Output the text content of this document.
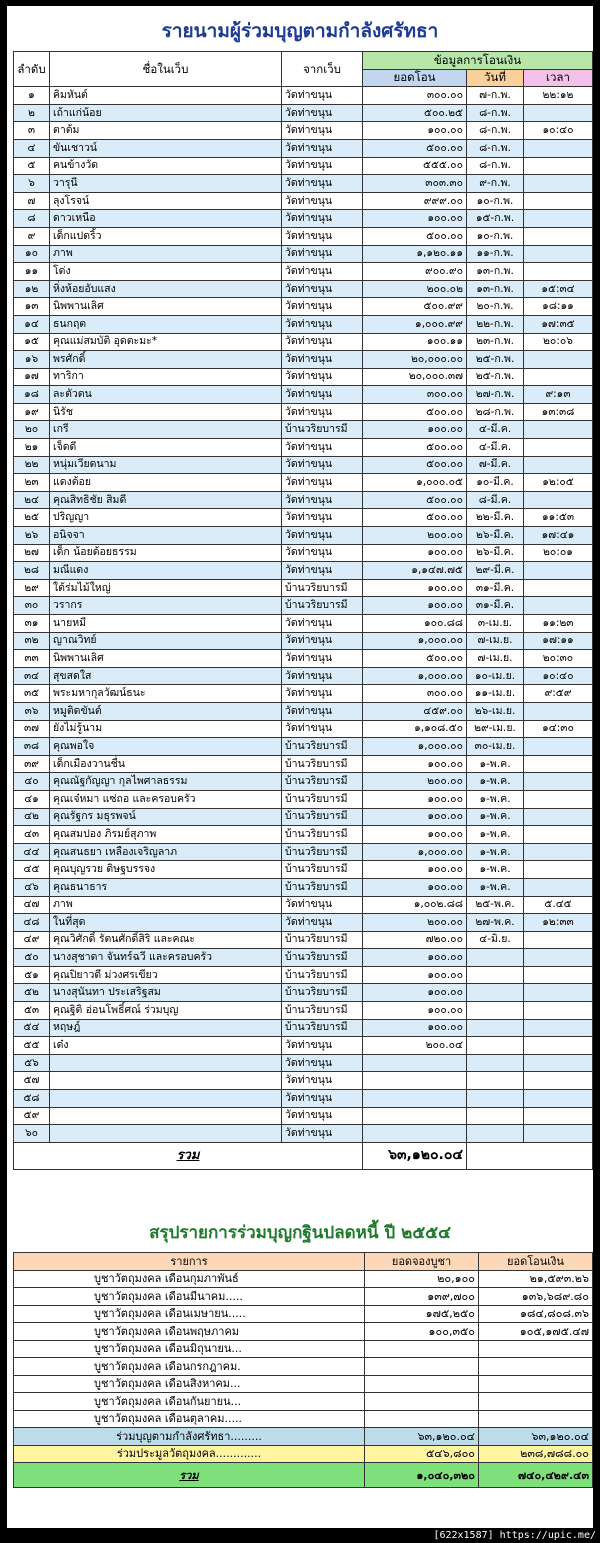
รายนามผู้ร่วมบุญตามกำลังศรัทธา
ลำดับ	ชื่อในเว็บ	จากเว็บ	ข้อมูลการโอนเงิน		
			ยอดโอน	วันที่	เวลา
๑	คิมหันต์	วัดท่าขนุน	๓๐๐.๐๐	๗-ก.พ.	๒๒:๑๒
๒	เถ้าแก่น้อย	วัดท่าขนุน	๕๐๐.๒๕	๘-ก.พ.	
๓	ตาต้ม	วัดท่าขนุน	๑๐๐.๐๐	๘-ก.พ.	๑๐:๔๐
๔	ขันเชาวน์	วัดท่าขนุน	๕๐๐.๐๐	๘-ก.พ.	
๕	คนข้างวัด	วัดท่าขนุน	๕๕๕.๐๐	๘-ก.พ.	
๖	วารุนี	วัดท่าขนุน	๓๐๓.๓๐	๙-ก.พ.	
๗	ลุงโรจน์	วัดท่าขนุน	๙๙๙.๐๐	๑๐-ก.พ.	
๘	ดาวเหนือ	วัดท่าขนุน	๑๐๐.๐๐	๑๕-ก.พ.	
๙	เด็กแปดริ้ว	วัดท่าขนุน	๕๐๐.๐๐	๑๐-ก.พ.	
๑๐	ภาพ	วัดท่าขนุน	๑,๑๒๐.๑๑	๑๑-ก.พ.	
๑๑	โด่ง	วัดท่าขนุน	๙๐๐.๙๐	๑๓-ก.พ.	
๑๒	หิ่งห้อยอับแสง	วัดท่าขนุน	๒๐๐.๐๒	๑๓-ก.พ.	๑๕:๓๔
๑๓	นิพพานเลิศ	วัดท่าขนุน	๕๐๐.๙๙	๒๐-ก.พ.	๑๘:๑๑
๑๔	ธนกฤต	วัดท่าขนุน	๑,๐๐๐.๙๙	๒๒-ก.พ.	๑๗:๓๕
๑๕	คุณแม่สมบัติ อุดตะมะ*	วัดท่าขนุน	๑๐๐.๑๑	๒๓-ก.พ.	๒๐:๐๖
๑๖	พรศักดิ์	วัดท่าขนุน	๒๐,๐๐๐.๐๐	๒๕-ก.พ.	
๑๗	ทาริกา	วัดท่าขนุน	๒๐,๐๐๐.๓๗	๒๕-ก.พ.	
๑๘	ละตัวตน	วัดท่าขนุน	๓๐๐.๐๐	๒๗-ก.พ.	๙:๑๓
๑๙	นิรัช	วัดท่าขนุน	๕๐๐.๐๐	๒๘-ก.พ.	๑๓:๓๘
๒๐	เกรี	บ้านวริยบารมี	๑๐๐.๐๐	๔-มี.ค.	
๒๑	เจ็ดดี	วัดท่าขนุน	๕๐๐.๐๐	๔-มี.ค.	
๒๒	หนุ่มเวียดนาม	วัดท่าขนุน	๕๐๐.๐๐	๗-มี.ค.	
๒๓	แดงต้อย	วัดท่าขนุน	๑,๐๐๐.๐๕	๑๐-มี.ค.	๑๒:๐๕
๒๔	คุณสิทธิชัย สิมดี	วัดท่าขนุน	๕๐๐.๐๐	๘-มี.ค.	
๒๕	ปริญญา	วัดท่าขนุน	๕๐๐.๐๐	๒๒-มี.ค.	๑๑:๕๓
๒๖	อนิจจา	วัดท่าขนุน	๒๐๐.๐๐	๒๖-มี.ค.	๑๗:๔๑
๒๗	เด็ก น้อยด้อยธรรม	วัดท่าขนุน	๑๐๐.๐๐	๒๖-มี.ค.	๒๐:๐๑
๒๘	มณีแดง	วัดท่าขนุน	๑,๑๔๗.๗๕	๒๙-มี.ค.	
๒๙	ใต้ร่มไม้ใหญ่	บ้านวริยบารมี	๑๐๐.๐๐	๓๑-มี.ค.	
๓๐	วรากร	บ้านวริยบารมี	๑๐๐.๐๐	๓๑-มี.ค.	
๓๑	นายหมี	วัดท่าขนุน	๑๐๐.๘๘	๓-เม.ย.	๑๑:๒๓
๓๒	ญาณวิทย์	วัดท่าขนุน	๑,๐๐๐.๐๐	๗-เม.ย.	๑๗:๑๑
๓๓	นิพพานเลิศ	วัดท่าขนุน	๕๐๐.๐๐	๗-เม.ย.	๒๐:๓๐
๓๔	สุขสดใส	วัดท่าขนุน	๑,๐๐๐.๐๐	๑๐-เม.ย.	๑๐:๔๐
๓๕	พระมหากุลวัฒน์ธนะ	วัดท่าขนุน	๓๐๐.๐๐	๑๑-เม.ย.	๙:๕๙
๓๖	หมูติดขันต์	วัดท่าขนุน	๔๕๙.๐๐	๒๖-เม.ย.	
๓๗	ยังไม่รู้นาม	วัดท่าขนุน	๑,๑๐๘.๕๐	๒๙-เม.ย.	๑๔:๓๐
๓๘	คุณพอใจ	บ้านวริยบารมี	๑,๐๐๐.๐๐	๓๐-เม.ย.	
๓๙	เด็กเมืองวานชื่น	บ้านวริยบารมี	๑๐๐.๐๐	๑-พ.ค.	
๔๐	คุณณัฐกัญญา กุลไพศาลธรรม	บ้านวริยบารมี	๒๐๐.๐๐	๑-พ.ค.	
๔๑	คุณเจ๋หมา แซ่ถอ และครอบครัว	บ้านวริยบารมี	๑๐๐.๐๐	๑-พ.ค.	
๔๒	คุณรัฐกร มธุรพจน์	บ้านวริยบารมี	๑๐๐.๐๐	๑-พ.ค.	
๔๓	คุณสมปอง ภิรมย์สุภาพ	บ้านวริยบารมี	๑๐๐.๐๐	๑-พ.ค.	
๔๔	คุณสนธยา เหลืองเจริญลาภ	บ้านวริยบารมี	๑,๐๐๐.๐๐	๑-พ.ค.	
๔๕	คุณบุญรวย ดิษฐบรรจง	บ้านวริยบารมี	๑๐๐.๐๐	๑-พ.ค.	
๔๖	คุณธนาธาร	บ้านวริยบารมี	๑๐๐.๐๐	๑-พ.ค.	
๔๗	ภาพ	วัดท่าขนุน	๑,๐๐๒.๘๘	๒๕-พ.ค.	๕.๔๕
๔๘	ในที่สุด	วัดท่าขนุน	๒๐๐.๐๐	๒๗-พ.ค.	๑๒:๓๓
๔๙	คุณวิศักดิ์ รัตนศักดิ์สิริ และคณะ	บ้านวริยบารมี	๗๒๐.๐๐	๔-มิ.ย.	
๕๐	นางสุชาดา จันทร์ฉวี และครอบครัว	บ้านวริยบารมี	๑๐๐.๐๐		
๕๑	คุณปิยาวดี ม่วงศรเขียว	บ้านวริยบารมี	๑๐๐.๐๐		
๕๒	นางสุนันทา ประเสริฐสม	บ้านวริยบารมี	๑๐๐.๐๐		
๕๓	คุณฐิติ อ่อนโพธิ์ศณ์ ร่วมบุญ	บ้านวริยบารมี	๑๐๐.๐๐		
๕๔	หฤษฎ์	บ้านวริยบารมี	๑๐๐.๐๐		
๕๕	เด๋ง	วัดท่าขนุน	๒๐๐.๐๔		
๕๖		วัดท่าขนุน			
๕๗		วัดท่าขนุน			
๕๘		วัดท่าขนุน			
๕๙		วัดท่าขนุน			
๖๐		วัดท่าขนุน			
รวม			๖๓,๑๒๐.๐๔		
สรุปรายการร่วมบุญกฐินปลดหนี้ ปี ๒๕๕๔
รายการ	ยอดจองบูชา	ยอดโอนเงิน
บูชาวัตถุมงคล เดือนกุมภาพันธ์	๒๐,๑๐๐	๒๑,๕๙๓.๒๖
บูชาวัตถุมงคล เดือนมีนาคม.....	๑๓๙,๗๐๐	๑๓๖,๖๘๙.๘๐
บูชาวัตถุมงคล เดือนเมษายน.....	๑๗๕,๒๕๐	๑๘๔,๘๐๘.๓๖
บูชาวัตถุมงคล เดือนพฤษภาคม	๑๐๐,๓๕๐	๑๐๕,๑๗๕.๔๗
บูชาวัตถุมงคล เดือนมิถุนายน...		
บูชาวัตถุมงคล เดือนกรกฎาคม.		
บูชาวัตถุมงคล เดือนสิงหาคม...		
บูชาวัตถุมงคล เดือนกันยายน...		
บูชาวัตถุมงคล เดือนตุลาคม.....		
ร่วมบุญตามกำลังศรัทธา.........	๖๓,๑๒๐.๐๔	๖๓,๑๒๐.๐๔
ร่วมประมูลวัตถุมงคล.............	๕๔๖,๘๐๐	๒๓๘,๗๘๘.๐๐
รวม	๑,๐๔๐,๓๒๐	๗๔๐,๔๒๙.๔๓
[622x1587] https://upic.me/
